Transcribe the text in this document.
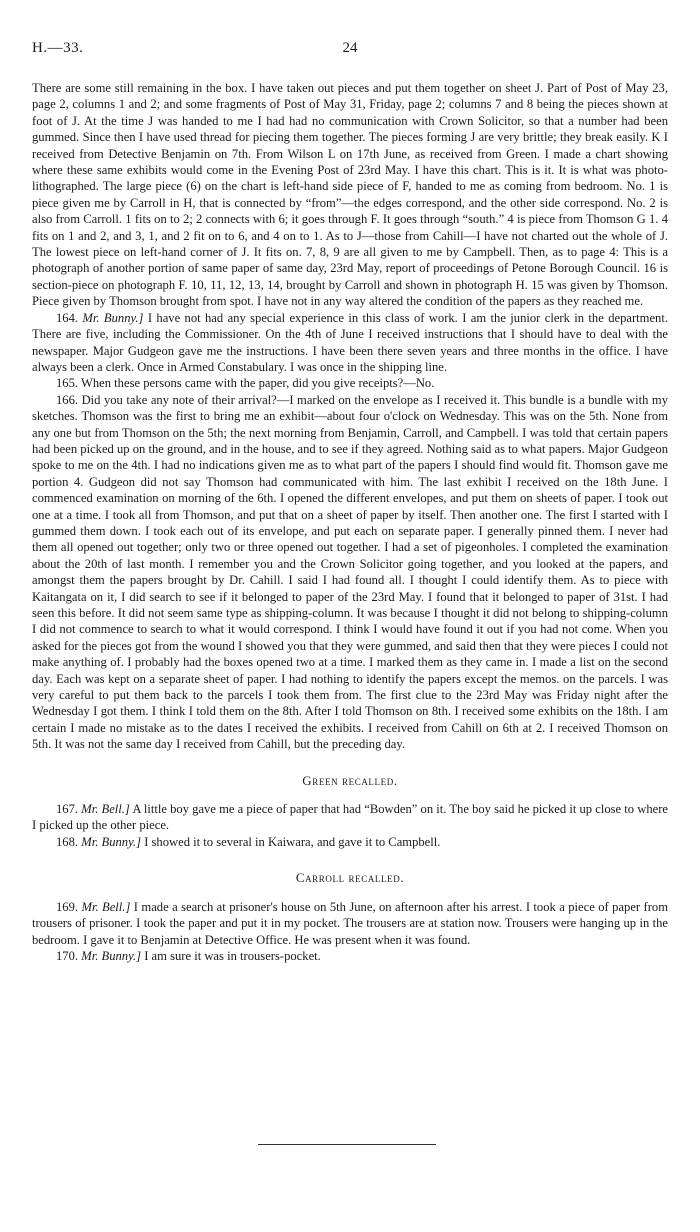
H.—33.	24

There are some still remaining in the box. I have taken out pieces and put them together on sheet J. Part of Post of May 23, page 2, columns 1 and 2; and some fragments of Post of May 31, Friday, page 2; columns 7 and 8 being the pieces shown at foot of J. At the time J was handed to me I had had no communication with Crown Solicitor, so that a number had been gummed. Since then I have used thread for piecing them together. The pieces forming J are very brittle; they break easily. K I received from Detective Benjamin on 7th. From Wilson L on 17th June, as received from Green. I made a chart showing where these same exhibits would come in the Evening Post of 23rd May. I have this chart. This is it. It is what was photo-lithographed. The large piece (6) on the chart is left-hand side piece of F, handed to me as coming from bedroom. No. 1 is piece given me by Carroll in H, that is connected by “from”—the edges correspond, and the other side correspond. No. 2 is also from Carroll. 1 fits on to 2; 2 connects with 6; it goes through F. It goes through “south.” 4 is piece from Thomson G 1. 4 fits on 1 and 2, and 3, 1, and 2 fit on to 6, and 4 on to 1. As to J—those from Cahill—I have not charted out the whole of J. The lowest piece on left-hand corner of J. It fits on. 7, 8, 9 are all given to me by Campbell. Then, as to page 4: This is a photograph of another portion of same paper of same day, 23rd May, report of proceedings of Petone Borough Council. 16 is section-piece on photograph F. 10, 11, 12, 13, 14, brought by Carroll and shown in photograph H. 15 was given by Thomson. Piece given by Thomson brought from spot. I have not in any way altered the condition of the papers as they reached me.

164. Mr. Bunny.] I have not had any special experience in this class of work. I am the junior clerk in the department. There are five, including the Commissioner. On the 4th of June I received instructions that I should have to deal with the newspaper. Major Gudgeon gave me the instructions. I have been there seven years and three months in the office. I have always been a clerk. Once in Armed Constabulary. I was once in the shipping line.

165. When these persons came with the paper, did you give receipts?—No.

166. Did you take any note of their arrival?—I marked on the envelope as I received it. This bundle is a bundle with my sketches. Thomson was the first to bring me an exhibit—about four o'clock on Wednesday. This was on the 5th. None from any one but from Thomson on the 5th; the next morning from Benjamin, Carroll, and Campbell. I was told that certain papers had been picked up on the ground, and in the house, and to see if they agreed. Nothing said as to what papers. Major Gudgeon spoke to me on the 4th. I had no indications given me as to what part of the papers I should find would fit. Thomson gave me portion 4. Gudgeon did not say Thomson had communicated with him. The last exhibit I received on the 18th June. I commenced examination on morning of the 6th. I opened the different envelopes, and put them on sheets of paper. I took out one at a time. I took all from Thomson, and put that on a sheet of paper by itself. Then another one. The first I started with I gummed them down. I took each out of its envelope, and put each on separate paper. I generally pinned them. I never had them all opened out together; only two or three opened out together. I had a set of pigeonholes. I completed the examination about the 20th of last month. I remember you and the Crown Solicitor going together, and you looked at the papers, and amongst them the papers brought by Dr. Cahill. I said I had found all. I thought I could identify them. As to piece with Kaitangata on it, I did search to see if it belonged to paper of the 23rd May. I found that it belonged to paper of 31st. I had seen this before. It did not seem same type as shipping-column. It was because I thought it did not belong to shipping-column I did not commence to search to what it would correspond. I think I would have found it out if you had not come. When you asked for the pieces got from the wound I showed you that they were gummed, and said then that they were pieces I could not make anything of. I probably had the boxes opened two at a time. I marked them as they came in. I made a list on the second day. Each was kept on a separate sheet of paper. I had nothing to identify the papers except the memos. on the parcels. I was very careful to put them back to the parcels I took them from. The first clue to the 23rd May was Friday night after the Wednesday I got them. I think I told them on the 8th. After I told Thomson on 8th. I received some exhibits on the 18th. I am certain I made no mistake as to the dates I received the exhibits. I received from Cahill on 6th at 2. I received Thomson on 5th. It was not the same day I received from Cahill, but the preceding day.

Green recalled.

167. Mr. Bell.] A little boy gave me a piece of paper that had “Bowden” on it. The boy said he picked it up close to where I picked up the other piece.

168. Mr. Bunny.] I showed it to several in Kaiwara, and gave it to Campbell.

Carroll recalled.

169. Mr. Bell.] I made a search at prisoner's house on 5th June, on afternoon after his arrest. I took a piece of paper from trousers of prisoner. I took the paper and put it in my pocket. The trousers are at station now. Trousers were hanging up in the bedroom. I gave it to Benjamin at Detective Office. He was present when it was found.

170. Mr. Bunny.] I am sure it was in trousers-pocket.
